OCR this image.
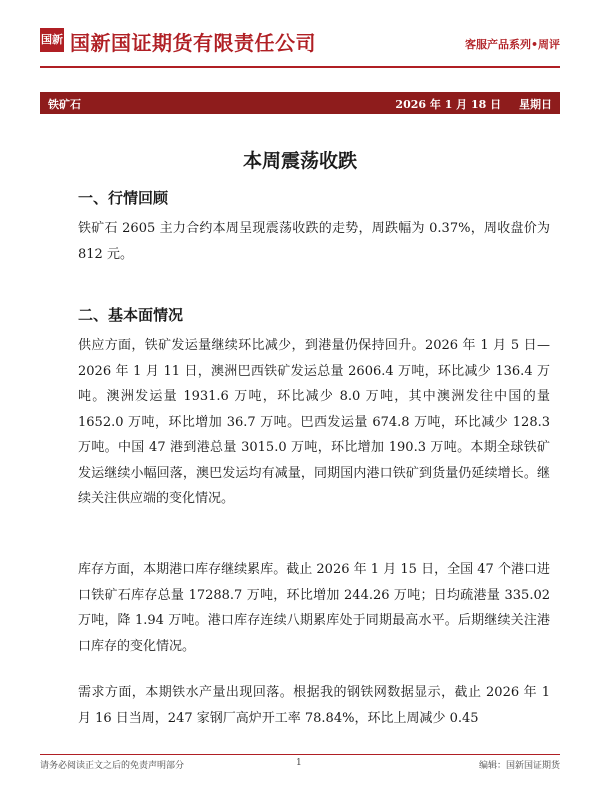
国新 国新国证期货有限责任公司	客服产品系列•周评
铁矿石	2026 年 1 月 18 日 星期日
本周震荡收跌
一、行情回顾
铁矿石 2605 主力合约本周呈现震荡收跌的走势，周跌幅为 0.37%，周收盘价为 812 元。
二、基本面情况
供应方面，铁矿发运量继续环比减少，到港量仍保持回升。2026 年 1 月 5 日—2026 年 1 月 11 日，澳洲巴西铁矿发运总量 2606.4 万吨，环比减少 136.4 万吨。澳洲发运量 1931.6 万吨，环比减少 8.0 万吨，其中澳洲发往中国的量 1652.0 万吨，环比增加 36.7 万吨。巴西发运量 674.8 万吨，环比减少 128.3 万吨。中国 47 港到港总量 3015.0 万吨，环比增加 190.3 万吨。本期全球铁矿发运继续小幅回落，澳巴发运均有减量，同期国内港口铁矿到货量仍延续增长。继续关注供应端的变化情况。
库存方面，本期港口库存继续累库。截止 2026 年 1 月 15 日，全国 47 个港口进口铁矿石库存总量 17288.7 万吨，环比增加 244.26 万吨；日均疏港量 335.02 万吨，降 1.94 万吨。港口库存连续八期累库处于同期最高水平。后期继续关注港口库存的变化情况。
需求方面，本期铁水产量出现回落。根据我的钢铁网数据显示，截止 2026 年 1 月 16 日当周，247 家钢厂高炉开工率 78.84%，环比上周减少 0.45
请务必阅读正文之后的免责声明部分	1	编辑：国新国证期货
